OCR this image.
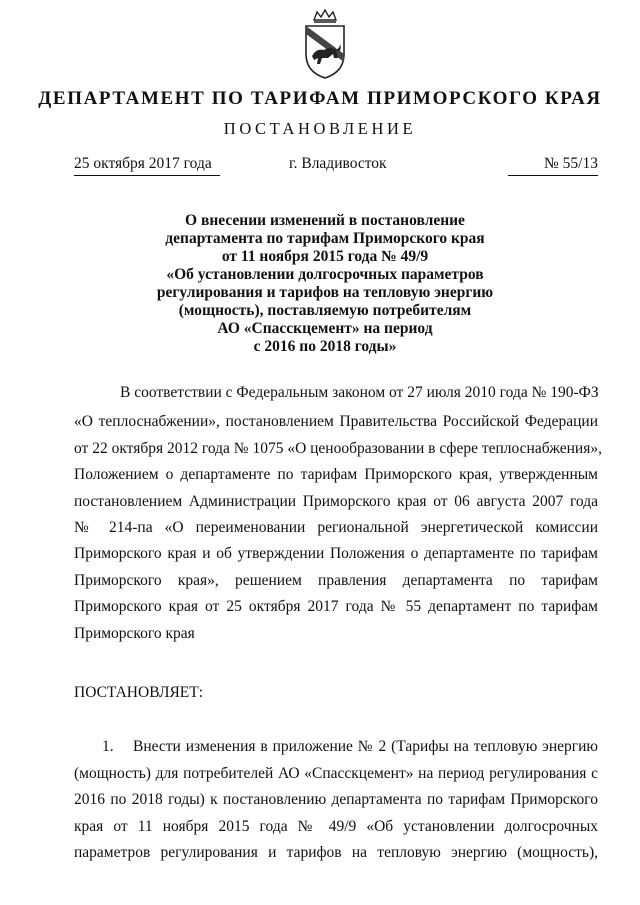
ДЕПАРТАМЕНТ ПО ТАРИФАМ ПРИМОРСКОГО КРАЯ
ПОСТАНОВЛЕНИЕ
25 октября 2017 года	г. Владивосток	№ 55/13
О внесении изменений в постановление
департамента по тарифам Приморского края
от 11 ноября 2015 года № 49/9
«Об установлении долгосрочных параметров
регулирования и тарифов на тепловую энергию
(мощность), поставляемую потребителям
АО «Спасскцемент» на период
с 2016 по 2018 годы»
В соответствии с Федеральным законом от 27 июля 2010 года № 190-ФЗ
«О теплоснабжении», постановлением Правительства Российской Федерации
от 22 октября 2012 года № 1075 «О ценообразовании в сфере теплоснабжения»,
Положением о департаменте по тарифам Приморского края, утвержденным
постановлением Администрации Приморского края от 06 августа 2007 года
№ 214-па «О переименовании региональной энергетической комиссии
Приморского края и об утверждении Положения о департаменте по тарифам
Приморского края», решением правления департамента по тарифам
Приморского края от 25 октября 2017 года № 55 департамент по тарифам
Приморского края
ПОСТАНОВЛЯЕТ:
1. Внести изменения в приложение № 2 (Тарифы на тепловую энергию
(мощность) для потребителей АО «Спасскцемент» на период регулирования с
2016 по 2018 годы) к постановлению департамента по тарифам Приморского
края от 11 ноября 2015 года № 49/9 «Об установлении долгосрочных
параметров регулирования и тарифов на тепловую энергию (мощность),
